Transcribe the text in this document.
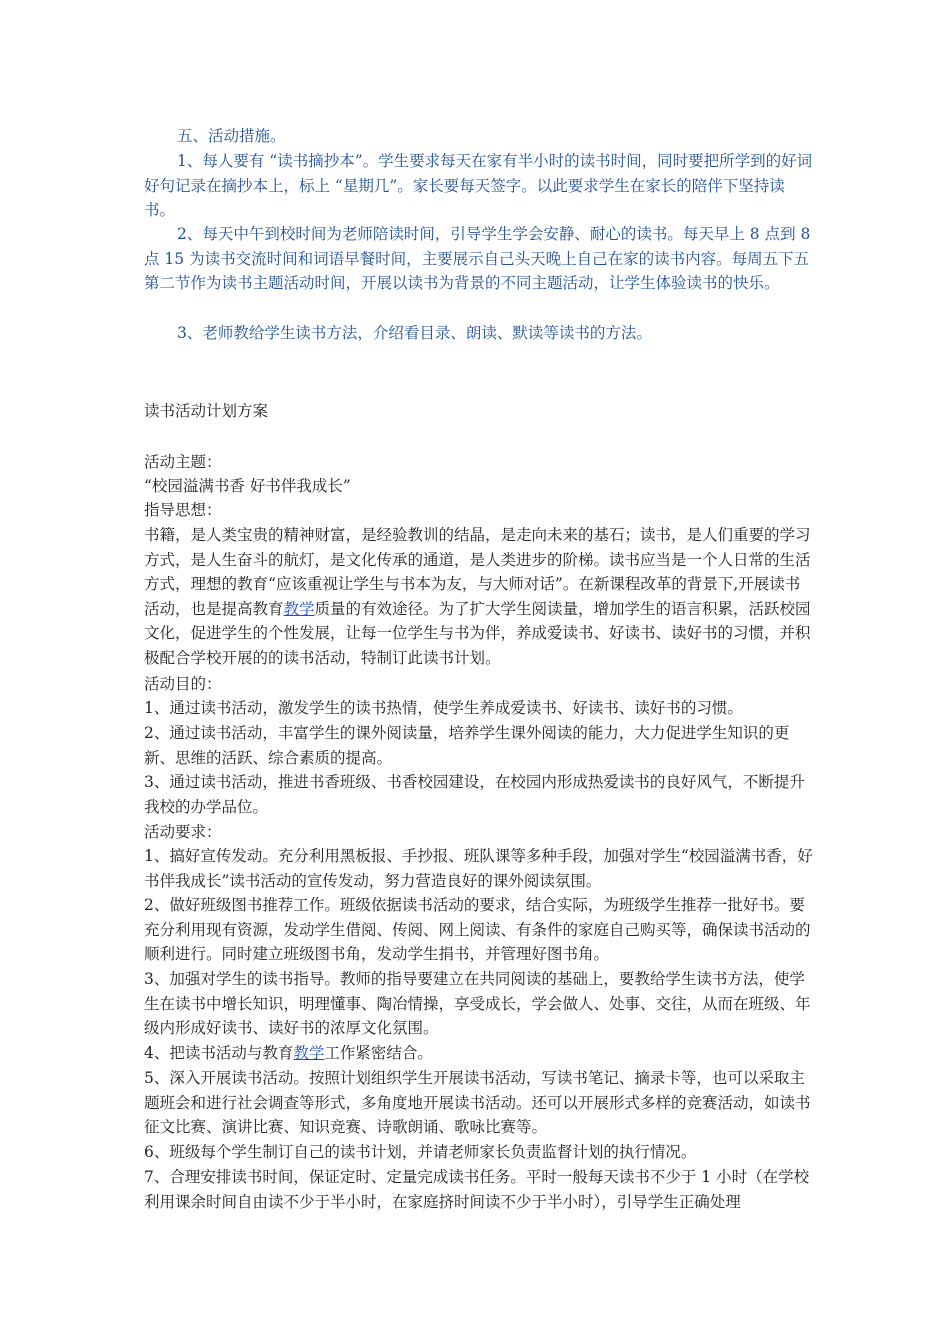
五、活动措施。

1、每人要有 “读书摘抄本”。学生要求每天在家有半小时的读书时间，同时要把所学到的好词好句记录在摘抄本上，标上 “星期几”。家长要每天签字。以此要求学生在家长的陪伴下坚持读书。

2、每天中午到校时间为老师陪读时间，引导学生学会安静、耐心的读书。每天早上 8 点到 8 点 15 为读书交流时间和词语早餐时间，主要展示自己头天晚上自己在家的读书内容。每周五下五第二节作为读书主题活动时间，开展以读书为背景的不同主题活动，让学生体验读书的快乐。

3、老师教给学生读书方法，介绍看目录、朗读、默读等读书的方法。

读书活动计划方案

活动主题：

“校园溢满书香 好书伴我成长”

指导思想：

书籍，是人类宝贵的精神财富，是经验教训的结晶，是走向未来的基石；读书，是人们重要的学习方式，是人生奋斗的航灯，是文化传承的通道，是人类进步的阶梯。读书应当是一个人日常的生活方式，理想的教育“应该重视让学生与书本为友，与大师对话”。在新课程改革的背景下,开展读书活动，也是提高教育教学质量的有效途径。为了扩大学生阅读量，增加学生的语言积累，活跃校园文化，促进学生的个性发展，让每一位学生与书为伴，养成爱读书、好读书、读好书的习惯，并积极配合学校开展的的读书活动，特制订此读书计划。

活动目的：

1、通过读书活动，激发学生的读书热情，使学生养成爱读书、好读书、读好书的习惯。

2、通过读书活动，丰富学生的课外阅读量，培养学生课外阅读的能力，大力促进学生知识的更新、思维的活跃、综合素质的提高。

3、通过读书活动，推进书香班级、书香校园建设，在校园内形成热爱读书的良好风气，不断提升我校的办学品位。

活动要求：

1、搞好宣传发动。充分利用黑板报、手抄报、班队课等多种手段，加强对学生“校园溢满书香，好书伴我成长”读书活动的宣传发动，努力营造良好的课外阅读氛围。

2、做好班级图书推荐工作。班级依据读书活动的要求，结合实际，为班级学生推荐一批好书。要充分利用现有资源，发动学生借阅、传阅、网上阅读、有条件的家庭自己购买等，确保读书活动的顺利进行。同时建立班级图书角，发动学生捐书，并管理好图书角。

3、加强对学生的读书指导。教师的指导要建立在共同阅读的基础上，要教给学生读书方法，使学生在读书中增长知识，明理懂事、陶冶情操，享受成长，学会做人、处事、交往，从而在班级、年级内形成好读书、读好书的浓厚文化氛围。

4、把读书活动与教育教学工作紧密结合。

5、深入开展读书活动。按照计划组织学生开展读书活动，写读书笔记、摘录卡等，也可以采取主题班会和进行社会调查等形式，多角度地开展读书活动。还可以开展形式多样的竞赛活动，如读书征文比赛、演讲比赛、知识竞赛、诗歌朗诵、歌咏比赛等。

6、班级每个学生制订自己的读书计划，并请老师家长负责监督计划的执行情况。

7、合理安排读书时间，保证定时、定量完成读书任务。平时一般每天读书不少于 1 小时（在学校利用课余时间自由读不少于半小时，在家庭挤时间读不少于半小时），引导学生正确处理
